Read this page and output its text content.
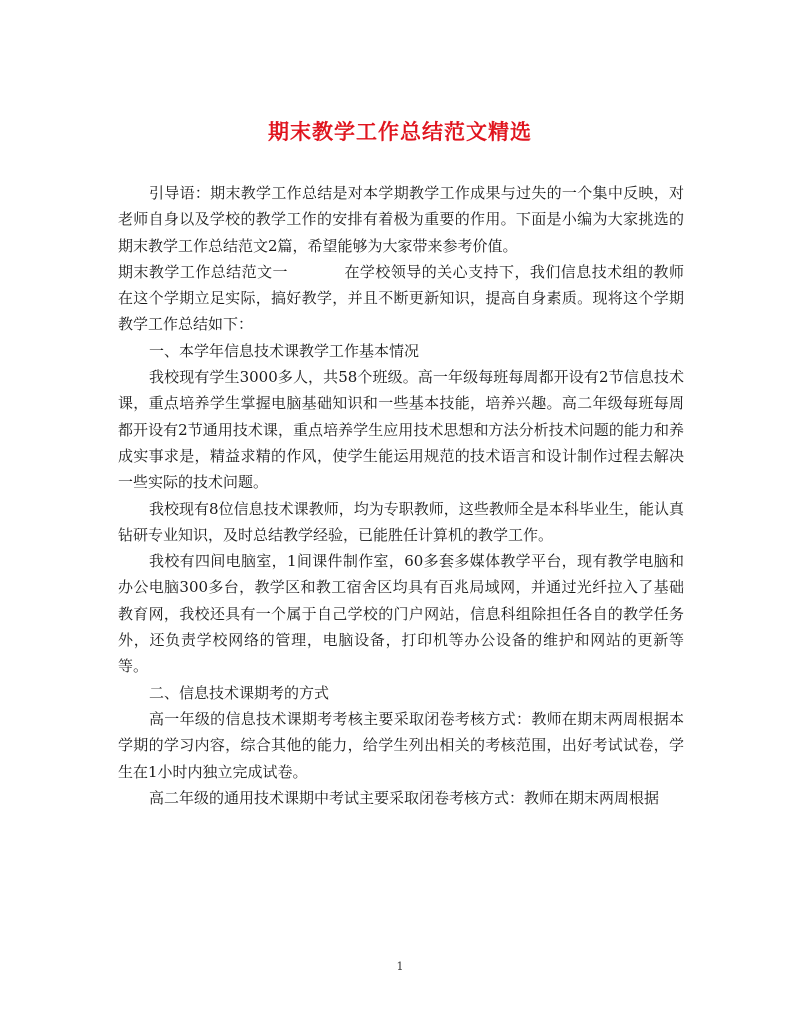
期末教学工作总结范文精选

引导语：期末教学工作总结是对本学期教学工作成果与过失的一个集中反映，对老师自身以及学校的教学工作的安排有着极为重要的作用。下面是小编为大家挑选的期末教学工作总结范文2篇，希望能够为大家带来参考价值。

期末教学工作总结范文一	在学校领导的关心支持下，我们信息技术组的教师在这个学期立足实际，搞好教学，并且不断更新知识，提高自身素质。现将这个学期教学工作总结如下：

一、本学年信息技术课教学工作基本情况

我校现有学生3000多人，共58个班级。高一年级每班每周都开设有2节信息技术课，重点培养学生掌握电脑基础知识和一些基本技能，培养兴趣。高二年级每班每周都开设有2节通用技术课，重点培养学生应用技术思想和方法分析技术问题的能力和养成实事求是，精益求精的作风，使学生能运用规范的技术语言和设计制作过程去解决一些实际的技术问题。

我校现有8位信息技术课教师，均为专职教师，这些教师全是本科毕业生，能认真钻研专业知识，及时总结教学经验，已能胜任计算机的教学工作。

我校有四间电脑室，1间课件制作室，60多套多媒体教学平台，现有教学电脑和办公电脑300多台，教学区和教工宿舍区均具有百兆局域网，并通过光纤拉入了基础教育网，我校还具有一个属于自己学校的门户网站，信息科组除担任各自的教学任务外，还负责学校网络的管理，电脑设备，打印机等办公设备的维护和网站的更新等等。

二、信息技术课期考的方式

高一年级的信息技术课期考考核主要采取闭卷考核方式：教师在期末两周根据本学期的学习内容，综合其他的能力，给学生列出相关的考核范围，出好考试试卷，学生在1小时内独立完成试卷。

高二年级的通用技术课期中考试主要采取闭卷考核方式：教师在期末两周根据

1
